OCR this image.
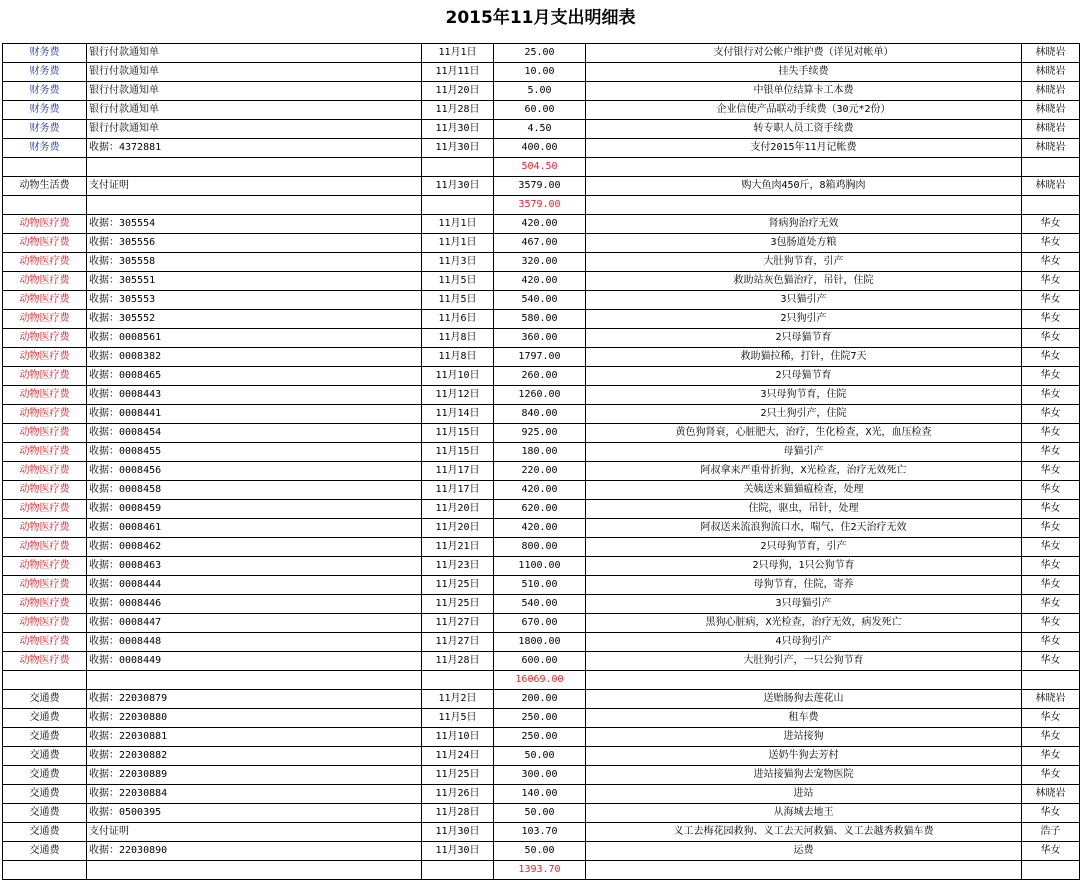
2015年11月支出明细表
财务费	银行付款通知单	11月1日	25.00	支付银行对公帐户维护费（详见对帐单）	林晓岩
财务费	银行付款通知单	11月11日	10.00	挂失手续费	林晓岩
财务费	银行付款通知单	11月20日	5.00	中银单位结算卡工本费	林晓岩
财务费	银行付款通知单	11月28日	60.00	企业信使产品联动手续费（30元*2份）	林晓岩
财务费	银行付款通知单	11月30日	4.50	转专职人员工资手续费	林晓岩
财务费	收据：4372881	11月30日	400.00	支付2015年11月记帐费	林晓岩
			504.50		
动物生活费	支付证明	11月30日	3579.00	购大鱼肉450斤，8箱鸡胸肉	林晓岩
			3579.00		
动物医疗费	收据：305554	11月1日	420.00	肾病狗治疗无效	华女
动物医疗费	收据：305556	11月1日	467.00	3包肠道处方粮	华女
动物医疗费	收据：305558	11月3日	320.00	大肚狗节育，引产	华女
动物医疗费	收据：305551	11月5日	420.00	救助站灰色猫治疗，吊针，住院	华女
动物医疗费	收据：305553	11月5日	540.00	3只猫引产	华女
动物医疗费	收据：305552	11月6日	580.00	2只狗引产	华女
动物医疗费	收据：0008561	11月8日	360.00	2只母猫节育	华女
动物医疗费	收据：0008382	11月8日	1797.00	救助猫拉稀，打针，住院7天	华女
动物医疗费	收据：0008465	11月10日	260.00	2只母猫节育	华女
动物医疗费	收据：0008443	11月12日	1260.00	3只母狗节育，住院	华女
动物医疗费	收据：0008441	11月14日	840.00	2只土狗引产，住院	华女
动物医疗费	收据：0008454	11月15日	925.00	黄色狗肾衰，心脏肥大，治疗，生化检查，X光，血压检查	华女
动物医疗费	收据：0008455	11月15日	180.00	母猫引产	华女
动物医疗费	收据：0008456	11月17日	220.00	阿叔拿来严重骨折狗，X光检查，治疗无效死亡	华女
动物医疗费	收据：0008458	11月17日	420.00	关姨送来猫猫瘟检查，处理	华女
动物医疗费	收据：0008459	11月20日	620.00	住院，驱虫，吊针，处理	华女
动物医疗费	收据：0008461	11月20日	420.00	阿叔送来流浪狗流口水，喘气，住2天治疗无效	华女
动物医疗费	收据：0008462	11月21日	800.00	2只母狗节育，引产	华女
动物医疗费	收据：0008463	11月23日	1100.00	2只母狗，1只公狗节育	华女
动物医疗费	收据：0008444	11月25日	510.00	母狗节育，住院，寄养	华女
动物医疗费	收据：0008446	11月25日	540.00	3只母猫引产	华女
动物医疗费	收据：0008447	11月27日	670.00	黑狗心脏病，X光检查，治疗无效，病发死亡	华女
动物医疗费	收据：0008448	11月27日	1800.00	4只母狗引产	华女
动物医疗费	收据：0008449	11月28日	600.00	大肚狗引产，一只公狗节育	华女
			16069.00		
交通费	收据：22030879	11月2日	200.00	送贻肠狗去莲花山	林晓岩
交通费	收据：22030880	11月5日	250.00	租车费	华女
交通费	收据：22030881	11月10日	250.00	进站接狗	华女
交通费	收据：22030882	11月24日	50.00	送奶牛狗去芳村	华女
交通费	收据：22030889	11月25日	300.00	进站接猫狗去宠物医院	华女
交通费	收据：22030884	11月26日	140.00	进站	林晓岩
交通费	收据：0500395	11月28日	50.00	从海城去地王	华女
交通费	支付证明	11月30日	103.70	义工去梅花园救狗、义工去天河救猫、义工去越秀救猫车费	浩子
交通费	收据：22030890	11月30日	50.00	运费	华女
			1393.70		
